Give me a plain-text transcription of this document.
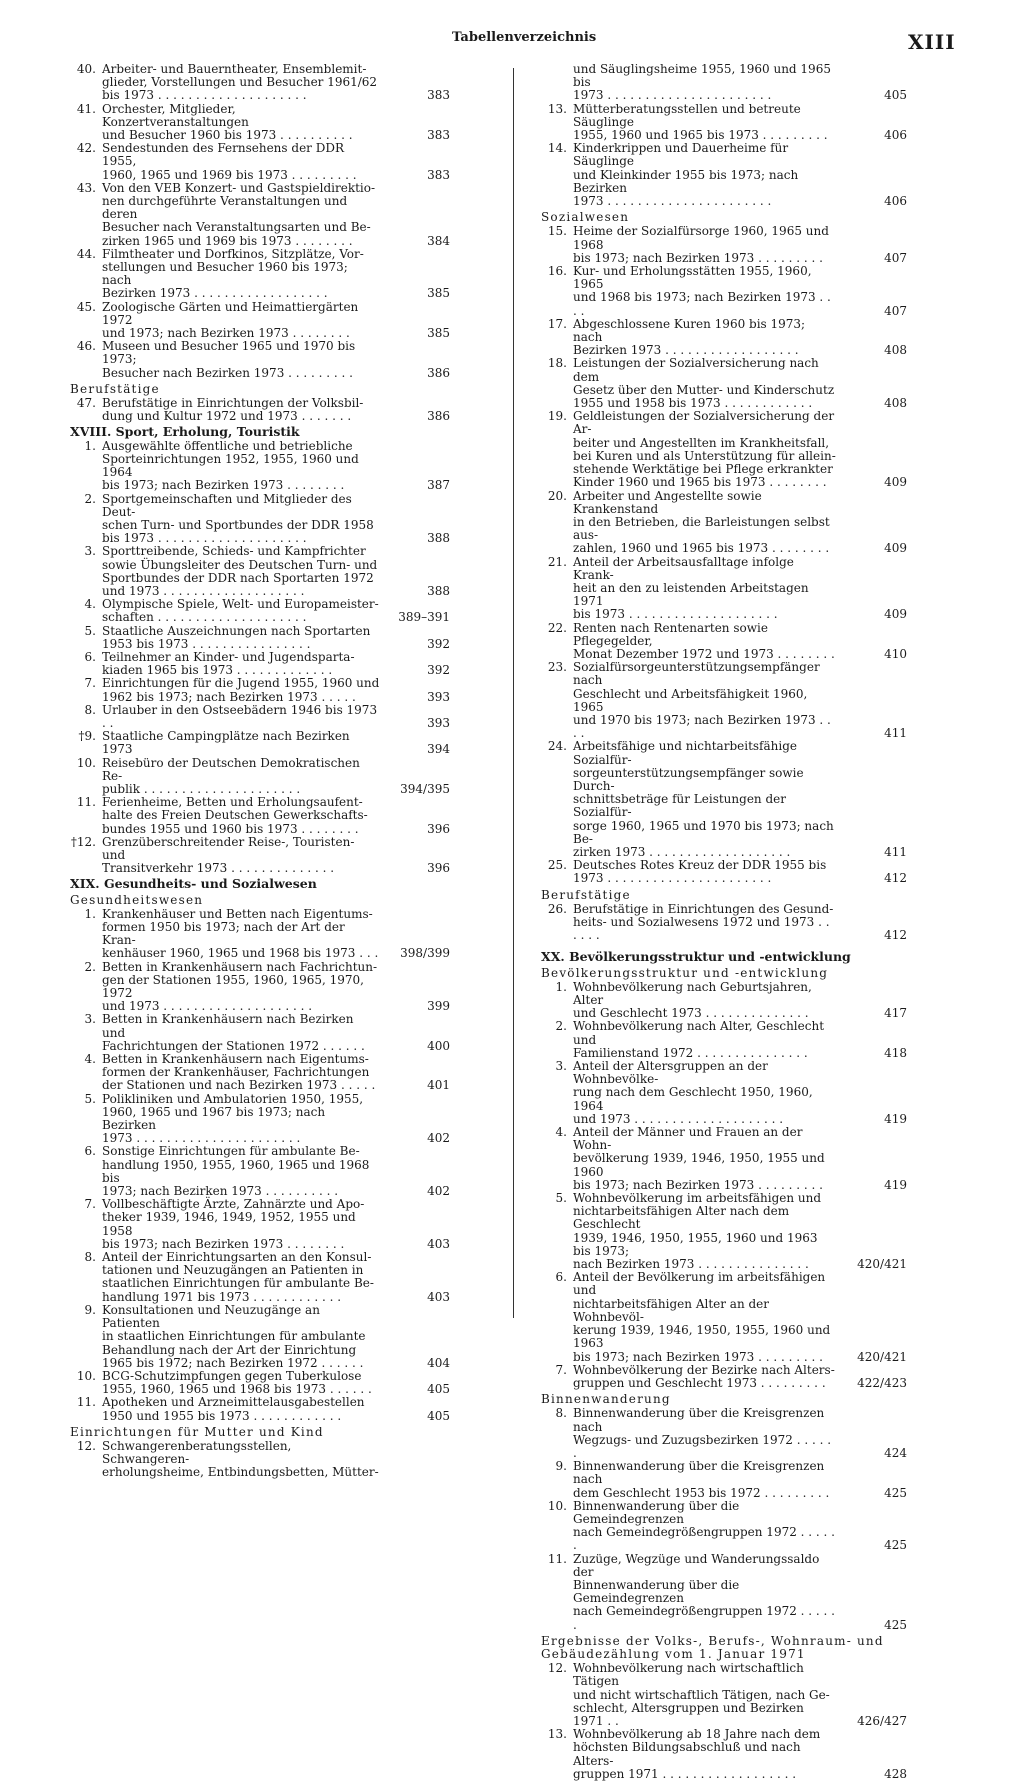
Tabellenverzeichnis	XIII
40. Arbeiter- und Bauerntheater, Ensemblemit-
glieder, Vorstellungen und Besucher 1961/62
bis 1973 . . . . . . . . . . . . . . . . . . . .	383
41. Orchester, Mitglieder, Konzertveranstaltungen
und Besucher 1960 bis 1973 . . . . . . . . . .	383
42. Sendestunden des Fernsehens der DDR 1955,
1960, 1965 und 1969 bis 1973 . . . . . . . . .	383
43. Von den VEB Konzert- und Gastspieldirektio-
nen durchgeführte Veranstaltungen und deren
Besucher nach Veranstaltungsarten und Be-
zirken 1965 und 1969 bis 1973 . . . . . . . .	384
44. Filmtheater und Dorfkinos, Sitzplätze, Vor-
stellungen und Besucher 1960 bis 1973; nach
Bezirken 1973 . . . . . . . . . . . . . . . . . .	385
45. Zoologische Gärten und Heimattiergärten 1972
und 1973; nach Bezirken 1973 . . . . . . . .	385
46. Museen und Besucher 1965 und 1970 bis 1973;
Besucher nach Bezirken 1973 . . . . . . . . .	386
Berufstätige
47. Berufstätige in Einrichtungen der Volksbil-
dung und Kultur 1972 und 1973 . . . . . . .	386
XVIII. Sport, Erholung, Touristik
1. Ausgewählte öffentliche und betriebliche
Sporteinrichtungen 1952, 1955, 1960 und 1964
bis 1973; nach Bezirken 1973 . . . . . . . .	387
2. Sportgemeinschaften und Mitglieder des Deut-
schen Turn- und Sportbundes der DDR 1958
bis 1973 . . . . . . . . . . . . . . . . . . . .	388
3. Sporttreibende, Schieds- und Kampfrichter
sowie Übungsleiter des Deutschen Turn- und
Sportbundes der DDR nach Sportarten 1972
und 1973 . . . . . . . . . . . . . . . . . . .	388
4. Olympische Spiele, Welt- und Europameister-
schaften . . . . . . . . . . . . . . . . . . . .	389–391
5. Staatliche Auszeichnungen nach Sportarten
1953 bis 1973 . . . . . . . . . . . . . . . .	392
6. Teilnehmer an Kinder- und Jugendsparta-
kiaden 1965 bis 1973 . . . . . . . . . . . . .	392
7. Einrichtungen für die Jugend 1955, 1960 und
1962 bis 1973; nach Bezirken 1973 . . . . .	393
8. Urlauber in den Ostseebädern 1946 bis 1973 . .	393
†9. Staatliche Campingplätze nach Bezirken 1973	394
10. Reisebüro der Deutschen Demokratischen Re-
publik . . . . . . . . . . . . . . . . . . . . .	394/395
11. Ferienheime, Betten und Erholungsaufent-
halte des Freien Deutschen Gewerkschafts-
bundes 1955 und 1960 bis 1973 . . . . . . . .	396
†12. Grenzüberschreitender Reise-, Touristen- und
Transitverkehr 1973 . . . . . . . . . . . . . .	396
XIX. Gesundheits- und Sozialwesen
Gesundheitswesen
1. Krankenhäuser und Betten nach Eigentums-
formen 1950 bis 1973; nach der Art der Kran-
kenhäuser 1960, 1965 und 1968 bis 1973 . . . 398/399
2. Betten in Krankenhäusern nach Fachrichtun-
gen der Stationen 1955, 1960, 1965, 1970, 1972
und 1973 . . . . . . . . . . . . . . . . . . . .	399
3. Betten in Krankenhäusern nach Bezirken und
Fachrichtungen der Stationen 1972 . . . . . .	400
4. Betten in Krankenhäusern nach Eigentums-
formen der Krankenhäuser, Fachrichtungen
der Stationen und nach Bezirken 1973 . . . . .	401
5. Polikliniken und Ambulatorien 1950, 1955,
1960, 1965 und 1967 bis 1973; nach Bezirken
1973 . . . . . . . . . . . . . . . . . . . . . .	402
6. Sonstige Einrichtungen für ambulante Be-
handlung 1950, 1955, 1960, 1965 und 1968 bis
1973; nach Bezirken 1973 . . . . . . . . . .	402
7. Vollbeschäftigte Ärzte, Zahnärzte und Apo-
theker 1939, 1946, 1949, 1952, 1955 und 1958
bis 1973; nach Bezirken 1973 . . . . . . . .	403
8. Anteil der Einrichtungsarten an den Konsul-
tationen und Neuzugängen an Patienten in
staatlichen Einrichtungen für ambulante Be-
handlung 1971 bis 1973 . . . . . . . . . . . .	403
9. Konsultationen und Neuzugänge an Patienten
in staatlichen Einrichtungen für ambulante
Behandlung nach der Art der Einrichtung
1965 bis 1972; nach Bezirken 1972 . . . . . .	404
10. BCG-Schutzimpfungen gegen Tuberkulose
1955, 1960, 1965 und 1968 bis 1973 . . . . . .	405
11. Apotheken und Arzneimittelausgabestellen
1950 und 1955 bis 1973 . . . . . . . . . . . .	405
Einrichtungen für Mutter und Kind
12. Schwangerenberatungsstellen, Schwangeren-
erholungsheime, Entbindungsbetten, Mütter-
und Säuglingsheime 1955, 1960 und 1965 bis
1973 . . . . . . . . . . . . . . . . . . . . . .	405
13. Mütterberatungsstellen und betreute Säuglinge
1955, 1960 und 1965 bis 1973 . . . . . . . . .	406
14. Kinderkrippen und Dauerheime für Säuglinge
und Kleinkinder 1955 bis 1973; nach Bezirken
1973 . . . . . . . . . . . . . . . . . . . . . .	406
Sozialwesen
15. Heime der Sozialfürsorge 1960, 1965 und 1968
bis 1973; nach Bezirken 1973 . . . . . . . . .	407
16. Kur- und Erholungsstätten 1955, 1960, 1965
und 1968 bis 1973; nach Bezirken 1973 . . . .	407
17. Abgeschlossene Kuren 1960 bis 1973; nach
Bezirken 1973 . . . . . . . . . . . . . . . . . .	408
18. Leistungen der Sozialversicherung nach dem
Gesetz über den Mutter- und Kinderschutz
1955 und 1958 bis 1973 . . . . . . . . . . . .	408
19. Geldleistungen der Sozialversicherung der Ar-
beiter und Angestellten im Krankheitsfall,
bei Kuren und als Unterstützung für allein-
stehende Werktätige bei Pflege erkrankter
Kinder 1960 und 1965 bis 1973 . . . . . . . .	409
20. Arbeiter und Angestellte sowie Krankenstand
in den Betrieben, die Barleistungen selbst aus-
zahlen, 1960 und 1965 bis 1973 . . . . . . . .	409
21. Anteil der Arbeitsausfalltage infolge Krank-
heit an den zu leistenden Arbeitstagen 1971
bis 1973 . . . . . . . . . . . . . . . . . . . .	409
22. Renten nach Rentenarten sowie Pflegegelder,
Monat Dezember 1972 und 1973 . . . . . . . .	410
23. Sozialfürsorgeunterstützungsempfänger nach
Geschlecht und Arbeitsfähigkeit 1960, 1965
und 1970 bis 1973; nach Bezirken 1973 . . . .	411
24. Arbeitsfähige und nichtarbeitsfähige Sozialfür-
sorgeunterstützungsempfänger sowie Durch-
schnittsbeträge für Leistungen der Sozialfür-
sorge 1960, 1965 und 1970 bis 1973; nach Be-
zirken 1973 . . . . . . . . . . . . . . . . . . .	411
25. Deutsches Rotes Kreuz der DDR 1955 bis
1973 . . . . . . . . . . . . . . . . . . . . . .	412
Berufstätige
26. Berufstätige in Einrichtungen des Gesund-
heits- und Sozialwesens 1972 und 1973 . . . . . .	412
XX. Bevölkerungsstruktur und -entwicklung
Bevölkerungsstruktur und -entwicklung
1. Wohnbevölkerung nach Geburtsjahren, Alter
und Geschlecht 1973 . . . . . . . . . . . . . .	417
2. Wohnbevölkerung nach Alter, Geschlecht und
Familienstand 1972 . . . . . . . . . . . . . . .	418
3. Anteil der Altersgruppen an der Wohnbevölke-
rung nach dem Geschlecht 1950, 1960, 1964
und 1973 . . . . . . . . . . . . . . . . . . . .	419
4. Anteil der Männer und Frauen an der Wohn-
bevölkerung 1939, 1946, 1950, 1955 und 1960
bis 1973; nach Bezirken 1973 . . . . . . . . .	419
5. Wohnbevölkerung im arbeitsfähigen und
nichtarbeitsfähigen Alter nach dem Geschlecht
1939, 1946, 1950, 1955, 1960 und 1963 bis 1973;
nach Bezirken 1973 . . . . . . . . . . . . . . .	420/421
6. Anteil der Bevölkerung im arbeitsfähigen und
nichtarbeitsfähigen Alter an der Wohnbevöl-
kerung 1939, 1946, 1950, 1955, 1960 und 1963
bis 1973; nach Bezirken 1973 . . . . . . . . .	420/421
7. Wohnbevölkerung der Bezirke nach Alters-
gruppen und Geschlecht 1973 . . . . . . . . .	422/423
Binnenwanderung
8. Binnenwanderung über die Kreisgrenzen nach
Wegzugs- und Zuzugsbezirken 1972 . . . . . .	424
9. Binnenwanderung über die Kreisgrenzen nach
dem Geschlecht 1953 bis 1972 . . . . . . . . .	425
10. Binnenwanderung über die Gemeindegrenzen
nach Gemeindegrößengruppen 1972 . . . . . .	425
11. Zuzüge, Wegzüge und Wanderungssaldo der
Binnenwanderung über die Gemeindegrenzen
nach Gemeindegrößengruppen 1972 . . . . . .	425
Ergebnisse der Volks-, Berufs-, Wohnraum- und
Gebäudezählung vom 1. Januar 1971
12. Wohnbevölkerung nach wirtschaftlich Tätigen
und nicht wirtschaftlich Tätigen, nach Ge-
schlecht, Altersgruppen und Bezirken 1971 . .	426/427
13. Wohnbevölkerung ab 18 Jahre nach dem
höchsten Bildungsabschluß und nach Alters-
gruppen 1971 . . . . . . . . . . . . . . . . . .	428
